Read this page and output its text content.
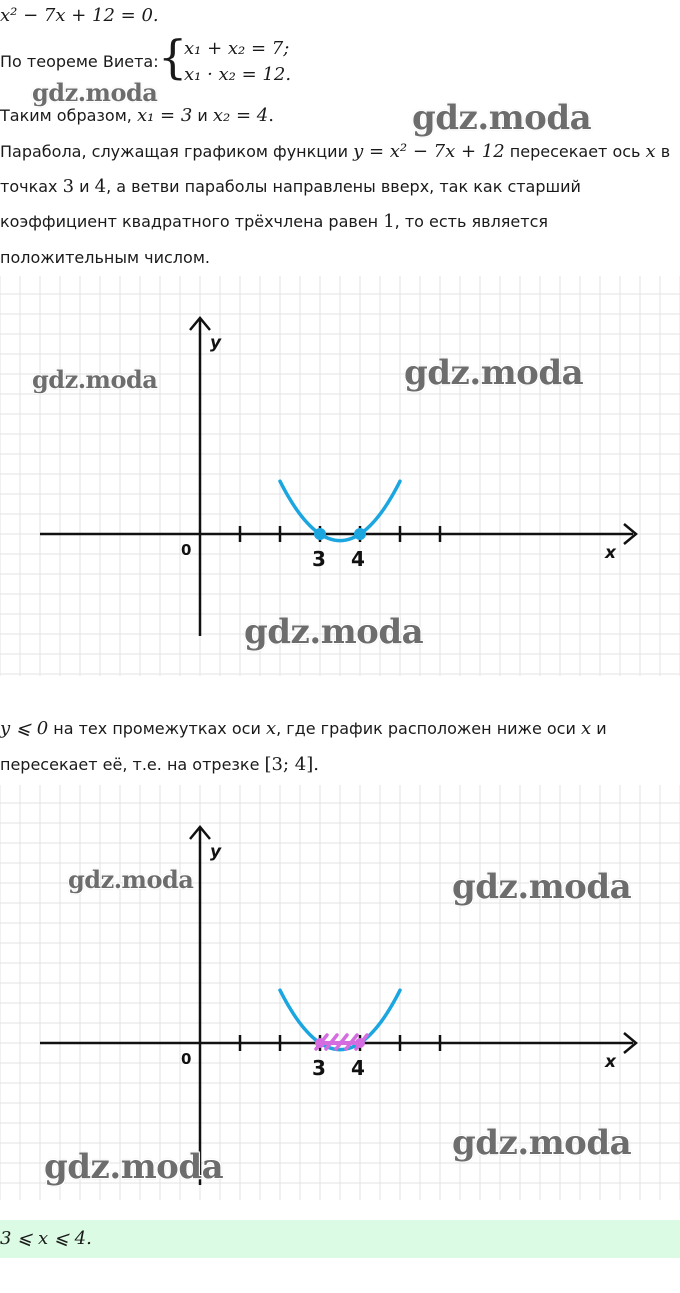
x² − 7x + 12 = 0.
По теореме Виета: {
x₁ + x₂ = 7;
x₁ · x₂ = 12.
Таким образом, x₁ = 3 и x₂ = 4.
Парабола, служащая графиком функции y = x² − 7x + 12 пересекает ось x в
точках 3 и 4, а ветви параболы направлены вверх, так как старший
коэффициент квадратного трёхчлена равен 1, то есть является
положительным числом.
3 4
0	x
y
y ⩽ 0 на тех промежутках оси x, где график расположен ниже оси x и
пересекает её, т.е. на отрезке [3; 4].
3 4
0	x
y
3 ⩽ x ⩽ 4.
gdz.moda
gdz.moda
gdz.moda	gdz.moda
gdz.moda
gdz.moda	gdz.moda
gdz.moda
gdz.moda
